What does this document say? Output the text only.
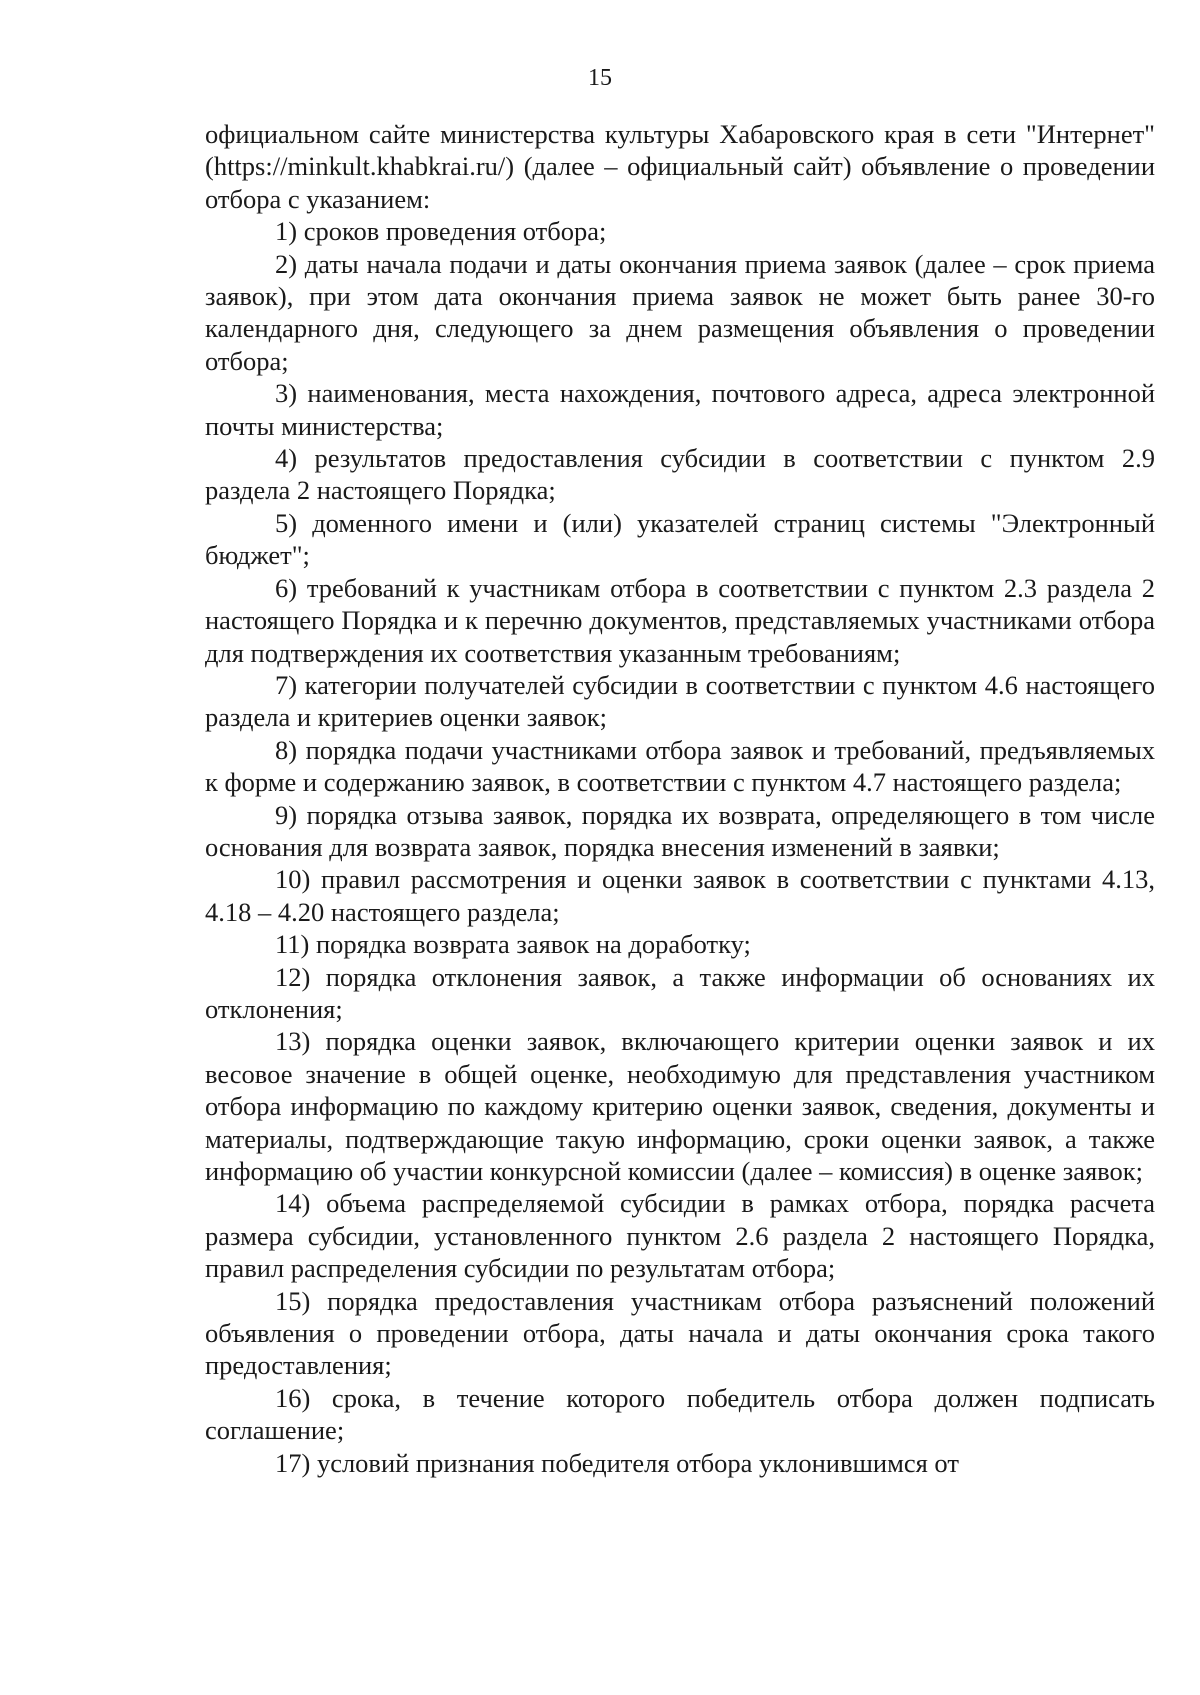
15

официальном сайте министерства культуры Хабаровского края в сети "Интернет" (https://minkult.khabkrai.ru/) (далее – официальный сайт) объявление о проведении отбора с указанием:

1) сроков проведения отбора;

2) даты начала подачи и даты окончания приема заявок (далее – срок приема заявок), при этом дата окончания приема заявок не может быть ранее 30-го календарного дня, следующего за днем размещения объявления о проведении отбора;

3) наименования, места нахождения, почтового адреса, адреса электронной почты министерства;

4) результатов предоставления субсидии в соответствии с пунктом 2.9 раздела 2 настоящего Порядка;

5) доменного имени и (или) указателей страниц системы "Электронный бюджет";

6) требований к участникам отбора в соответствии с пунктом 2.3 раздела 2 настоящего Порядка и к перечню документов, представляемых участниками отбора для подтверждения их соответствия указанным требованиям;

7) категории получателей субсидии в соответствии с пунктом 4.6 настоящего раздела и критериев оценки заявок;

8) порядка подачи участниками отбора заявок и требований, предъявляемых к форме и содержанию заявок, в соответствии с пунктом 4.7 настоящего раздела;

9) порядка отзыва заявок, порядка их возврата, определяющего в том числе основания для возврата заявок, порядка внесения изменений в заявки;

10) правил рассмотрения и оценки заявок в соответствии с пунктами 4.13, 4.18 – 4.20 настоящего раздела;

11) порядка возврата заявок на доработку;

12) порядка отклонения заявок, а также информации об основаниях их отклонения;

13) порядка оценки заявок, включающего критерии оценки заявок и их весовое значение в общей оценке, необходимую для представления участником отбора информацию по каждому критерию оценки заявок, сведения, документы и материалы, подтверждающие такую информацию, сроки оценки заявок, а также информацию об участии конкурсной комиссии (далее – комиссия) в оценке заявок;

14) объема распределяемой субсидии в рамках отбора, порядка расчета размера субсидии, установленного пунктом 2.6 раздела 2 настоящего Порядка, правил распределения субсидии по результатам отбора;

15) порядка предоставления участникам отбора разъяснений положений объявления о проведении отбора, даты начала и даты окончания срока такого предоставления;

16) срока, в течение которого победитель отбора должен подписать соглашение;

17) условий признания победителя отбора уклонившимся от
